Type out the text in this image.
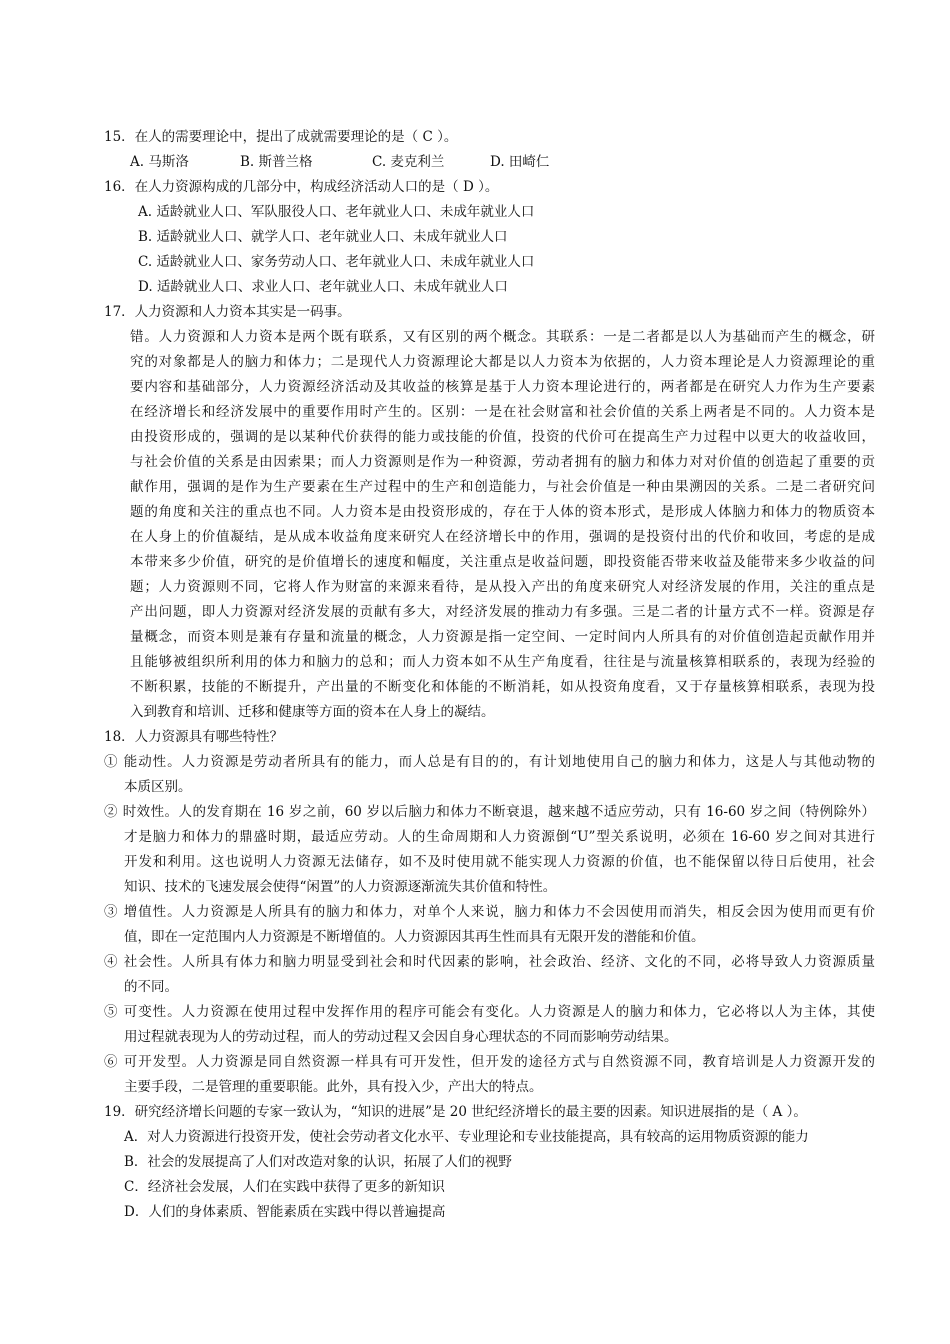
15．在人的需要理论中，提出了成就需要理论的是（ C ）。
A. 马斯洛	B. 斯普兰格	C. 麦克利兰	D. 田崎仁
16．在人力资源构成的几部分中，构成经济活动人口的是（ D ）。
A. 适龄就业人口、军队服役人口、老年就业人口、未成年就业人口
B. 适龄就业人口、就学人口、老年就业人口、未成年就业人口
C. 适龄就业人口、家务劳动人口、老年就业人口、未成年就业人口
D. 适龄就业人口、求业人口、老年就业人口、未成年就业人口
17．人力资源和人力资本其实是一码事。
错。人力资源和人力资本是两个既有联系，又有区别的两个概念。其联系：一是二者都是以人为基础而产生的概念，研
究的对象都是人的脑力和体力；二是现代人力资源理论大都是以人力资本为依据的，人力资本理论是人力资源理论的重
要内容和基础部分，人力资源经济活动及其收益的核算是基于人力资本理论进行的，两者都是在研究人力作为生产要素
在经济增长和经济发展中的重要作用时产生的。区别：一是在社会财富和社会价值的关系上两者是不同的。人力资本是
由投资形成的，强调的是以某种代价获得的能力或技能的价值，投资的代价可在提高生产力过程中以更大的收益收回，
与社会价值的关系是由因索果；而人力资源则是作为一种资源，劳动者拥有的脑力和体力对对价值的创造起了重要的贡
献作用，强调的是作为生产要素在生产过程中的生产和创造能力，与社会价值是一种由果溯因的关系。二是二者研究问
题的角度和关注的重点也不同。人力资本是由投资形成的，存在于人体的资本形式，是形成人体脑力和体力的物质资本
在人身上的价值凝结，是从成本收益角度来研究人在经济增长中的作用，强调的是投资付出的代价和收回，考虑的是成
本带来多少价值，研究的是价值增长的速度和幅度，关注重点是收益问题，即投资能否带来收益及能带来多少收益的问
题；人力资源则不同，它将人作为财富的来源来看待，是从投入产出的角度来研究人对经济发展的作用，关注的重点是
产出问题，即人力资源对经济发展的贡献有多大，对经济发展的推动力有多强。三是二者的计量方式不一样。资源是存
量概念，而资本则是兼有存量和流量的概念，人力资源是指一定空间、一定时间内人所具有的对价值创造起贡献作用并
且能够被组织所利用的体力和脑力的总和；而人力资本如不从生产角度看，往往是与流量核算相联系的，表现为经验的
不断积累，技能的不断提升，产出量的不断变化和体能的不断消耗，如从投资角度看，又于存量核算相联系，表现为投
入到教育和培训、迁移和健康等方面的资本在人身上的凝结。
18．人力资源具有哪些特性？
① 能动性。人力资源是劳动者所具有的能力，而人总是有目的的，有计划地使用自己的脑力和体力，这是人与其他动物的
本质区别。
② 时效性。人的发育期在 16 岁之前，60 岁以后脑力和体力不断衰退，越来越不适应劳动，只有 16-60 岁之间（特例除外）
才是脑力和体力的鼎盛时期，最适应劳动。人的生命周期和人力资源倒“U”型关系说明，必须在 16-60 岁之间对其进行
开发和利用。这也说明人力资源无法储存，如不及时使用就不能实现人力资源的价值，也不能保留以待日后使用，社会
知识、技术的飞速发展会使得“闲置”的人力资源逐渐流失其价值和特性。
③ 增值性。人力资源是人所具有的脑力和体力，对单个人来说，脑力和体力不会因使用而消失，相反会因为使用而更有价
值，即在一定范围内人力资源是不断增值的。人力资源因其再生性而具有无限开发的潜能和价值。
④ 社会性。人所具有体力和脑力明显受到社会和时代因素的影响，社会政治、经济、文化的不同，必将导致人力资源质量
的不同。
⑤ 可变性。人力资源在使用过程中发挥作用的程序可能会有变化。人力资源是人的脑力和体力，它必将以人为主体，其使
用过程就表现为人的劳动过程，而人的劳动过程又会因自身心理状态的不同而影响劳动结果。
⑥ 可开发型。人力资源是同自然资源一样具有可开发性，但开发的途径方式与自然资源不同，教育培训是人力资源开发的
主要手段，二是管理的重要职能。此外，具有投入少，产出大的特点。
19．研究经济增长问题的专家一致认为，“知识的进展”是 20 世纪经济增长的最主要的因素。知识进展指的是（ A ）。
A．对人力资源进行投资开发，使社会劳动者文化水平、专业理论和专业技能提高，具有较高的运用物质资源的能力
B．社会的发展提高了人们对改造对象的认识，拓展了人们的视野
C．经济社会发展，人们在实践中获得了更多的新知识
D．人们的身体素质、智能素质在实践中得以普遍提高
